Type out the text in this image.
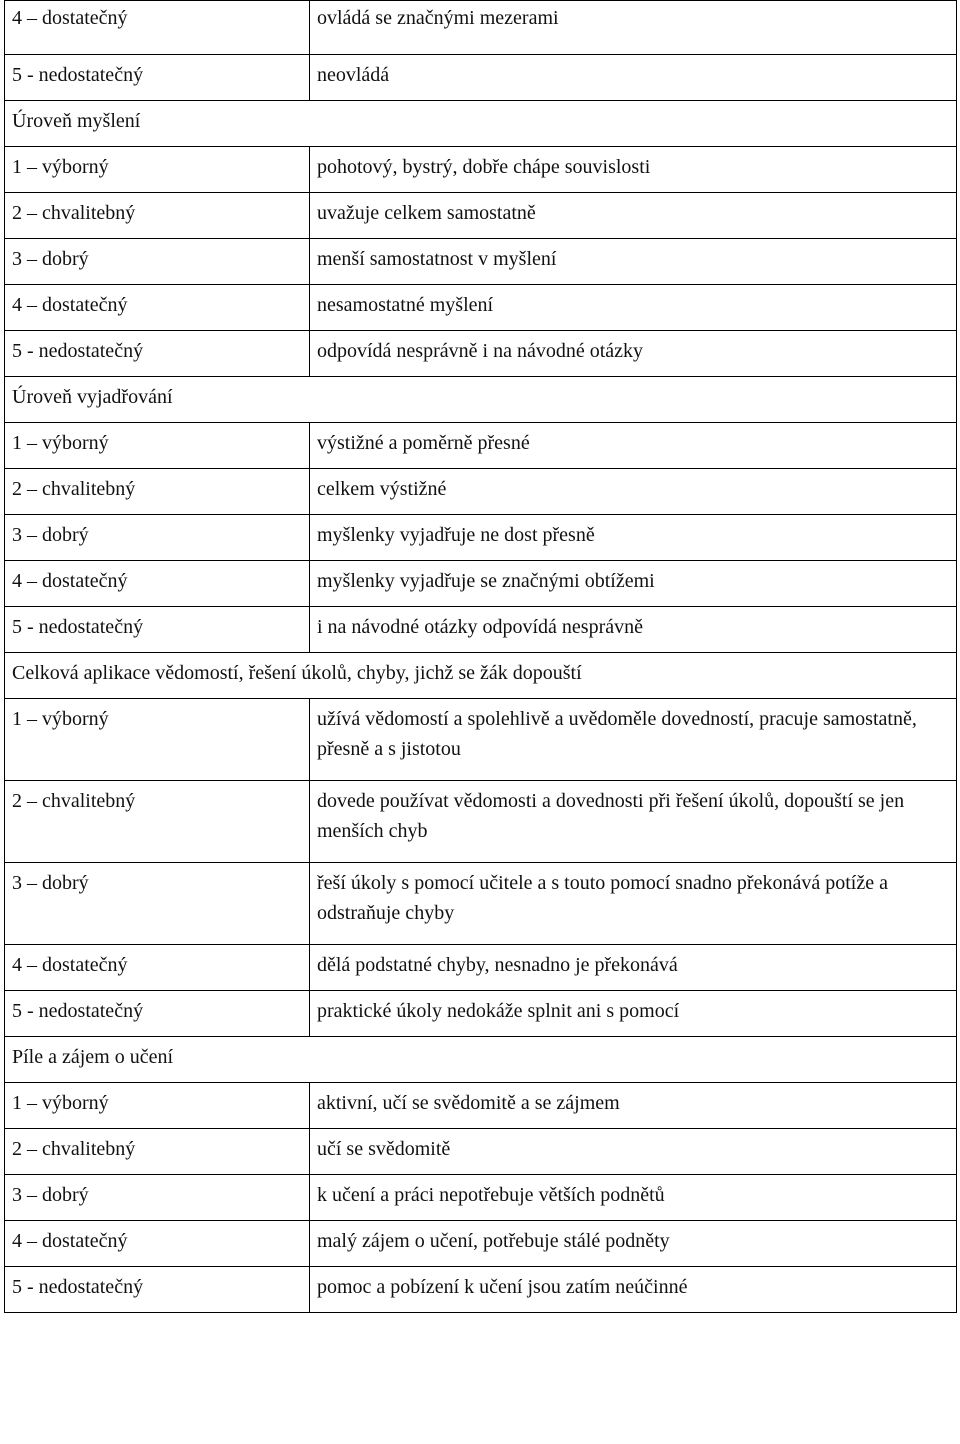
4 – dostatečný	ovládá se značnými mezerami
5 - nedostatečný	neovládá
Úroveň myšlení	
1 – výborný	pohotový, bystrý, dobře chápe souvislosti
2 – chvalitebný	uvažuje celkem samostatně
3 – dobrý	menší samostatnost v myšlení
4 – dostatečný	nesamostatné myšlení
5 - nedostatečný	odpovídá nesprávně i na návodné otázky
Úroveň vyjadřování	
1 – výborný	výstižné a poměrně přesné
2 – chvalitebný	celkem výstižné
3 – dobrý	myšlenky vyjadřuje ne dost přesně
4 – dostatečný	myšlenky vyjadřuje se značnými obtížemi
5 - nedostatečný	i na návodné otázky odpovídá nesprávně
Celková aplikace vědomostí, řešení úkolů, chyby, jichž se žák dopouští	
1 – výborný	užívá vědomostí a spolehlivě a uvědoměle dovedností, pracuje samostatně, přesně a s jistotou
2 – chvalitebný	dovede používat vědomosti a dovednosti při řešení úkolů, dopouští se jen menších chyb
3 – dobrý	řeší úkoly s pomocí učitele a s touto pomocí snadno překonává potíže a odstraňuje chyby
4 – dostatečný	dělá podstatné chyby, nesnadno je překonává
5 - nedostatečný	praktické úkoly nedokáže splnit ani s pomocí
Píle a zájem o učení	
1 – výborný	aktivní, učí se svědomitě a se zájmem
2 – chvalitebný	učí se svědomitě
3 – dobrý	k učení a práci nepotřebuje větších podnětů
4 – dostatečný	malý zájem o učení, potřebuje stálé podněty
5 - nedostatečný	pomoc a pobízení k učení jsou zatím neúčinné
